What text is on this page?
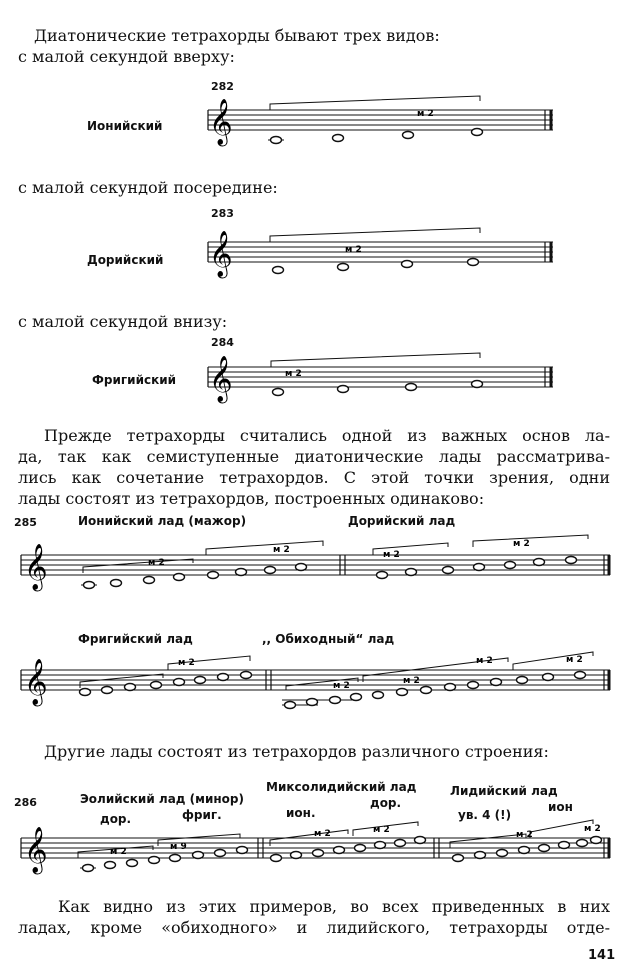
Диатонические тетрахорды бывают трех видов:

с малой секундой вверху:

282
Ионийский 𝄞	м 2

с малой секундой посередине:

283
Дорийский 𝄞	м 2

с малой секундой внизу:

284
Фригийский 𝄞	м 2
Прежде тетрахорды считались одной из важных основ ла-
да, так как семиступенные диатонические лады рассматрива-
лись как сочетание тетрахордов. С этой точки зрения, одни
лады состоят из тетрахордов, построенных одинаково:
285	Ионийский лад (мажор)	Дорийский лад
𝄞	м 2
м 2	м 2
м 2
Фригийский лад	,, Обиходный“ лад
𝄞	м 2
м 2	м 2
м 2	м 2

Другие лады состоят из тетрахордов различного строения:

286	Эолийский лад (минор)
дор.	фриг.
Миксолидийский лад
ион.
дор.
Лидийский лад
ув. 4 (!)
ион
𝄞	м 2	м 9
м 2	м 2	м 2
м 2
Как видно из этих примеров, во всех приведенных в них
ладах, кроме «обиходного» и лидийского, тетрахорды отде-
141
